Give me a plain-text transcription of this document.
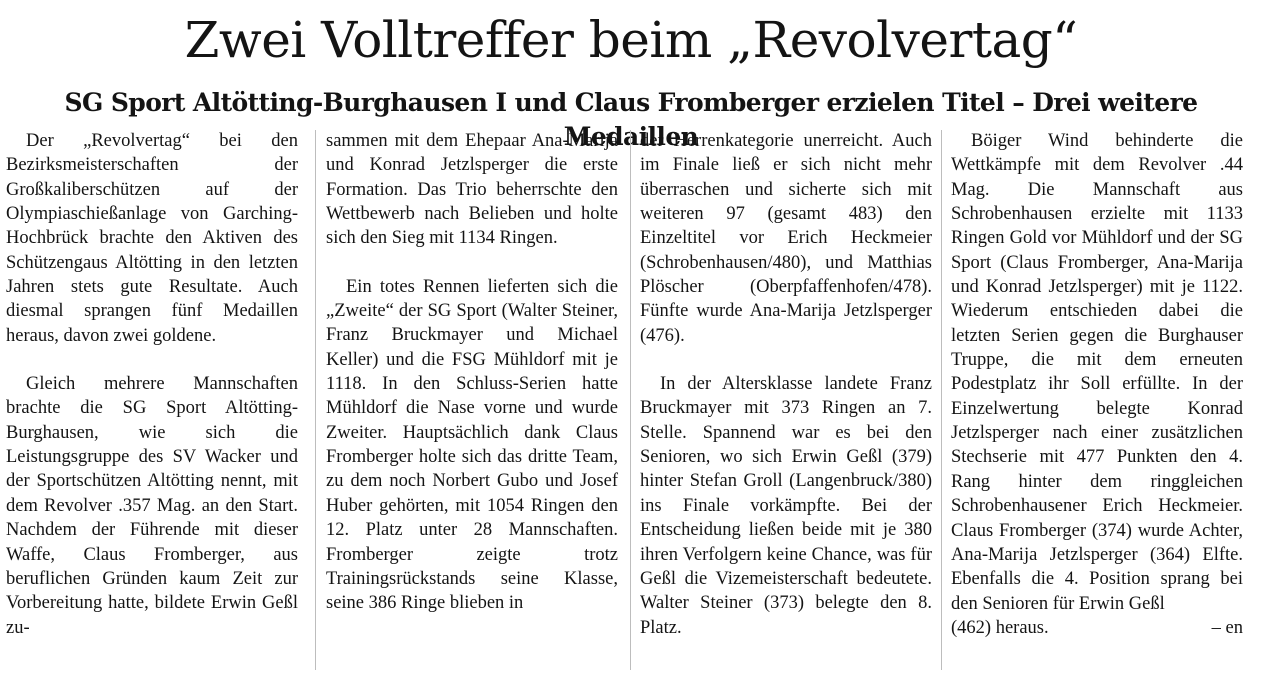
Zwei Volltreffer beim „Revolvertag“
SG Sport Altötting-Burghausen I und Claus Fromberger erzielen Titel – Drei weitere Medaillen

Der „Revolvertag“ bei den Bezirksmeisterschaften der Großkaliberschützen auf der Olympiaschießanlage von Garching-Hochbrück brachte den Aktiven des Schützengaus Altötting in den letzten Jahren stets gute Resultate. Auch diesmal sprangen fünf Medaillen heraus, davon zwei goldene.

Gleich mehrere Mannschaften brachte die SG Sport Altötting-Burghausen, wie sich die Leistungsgruppe des SV Wacker und der Sportschützen Altötting nennt, mit dem Revolver .357 Mag. an den Start. Nachdem der Führende mit dieser Waffe, Claus Fromberger, aus beruflichen Gründen kaum Zeit zur Vorbereitung hatte, bildete Erwin Geßl zu-

sammen mit dem Ehepaar Ana-Marija und Konrad Jetzlsperger die erste Formation. Das Trio beherrschte den Wettbewerb nach Belieben und holte sich den Sieg mit 1134 Ringen.

Ein totes Rennen lieferten sich die „Zweite“ der SG Sport (Walter Steiner, Franz Bruckmayer und Michael Keller) und die FSG Mühldorf mit je 1118. In den Schluss-Serien hatte Mühldorf die Nase vorne und wurde Zweiter. Hauptsächlich dank Claus Fromberger holte sich das dritte Team, zu dem noch Norbert Gubo und Josef Huber gehörten, mit 1054 Ringen den 12. Platz unter 28 Mannschaften. Fromberger zeigte trotz Trainingsrückstands seine Klasse, seine 386 Ringe blieben in

der Herrenkategorie unerreicht. Auch im Finale ließ er sich nicht mehr überraschen und sicherte sich mit weiteren 97 (gesamt 483) den Einzeltitel vor Erich Heckmeier (Schrobenhausen/480), und Matthias Plöscher (Oberpfaffenhofen/478). Fünfte wurde Ana-Marija Jetzlsperger (476).

In der Altersklasse landete Franz Bruckmayer mit 373 Ringen an 7. Stelle. Spannend war es bei den Senioren, wo sich Erwin Geßl (379) hinter Stefan Groll (Langenbruck/380) ins Finale vorkämpfte. Bei der Entscheidung ließen beide mit je 380 ihren Verfolgern keine Chance, was für Geßl die Vizemeisterschaft bedeutete. Walter Steiner (373) belegte den 8. Platz.

Böiger Wind behinderte die Wettkämpfe mit dem Revolver .44 Mag. Die Mannschaft aus Schrobenhausen erzielte mit 1133 Ringen Gold vor Mühldorf und der SG Sport (Claus Fromberger, Ana-Marija und Konrad Jetzlsperger) mit je 1122. Wiederum entschieden dabei die letzten Serien gegen die Burghauser Truppe, die mit dem erneuten Podestplatz ihr Soll erfüllte. In der Einzelwertung belegte Konrad Jetzlsperger nach einer zusätzlichen Stechserie mit 477 Punkten den 4. Rang hinter dem ringgleichen Schrobenhausener Erich Heckmeier. Claus Fromberger (374) wurde Achter, Ana-Marija Jetzlsperger (364) Elfte. Ebenfalls die 4. Position sprang bei den Senioren für Erwin Geßl

(462) heraus.	– en
